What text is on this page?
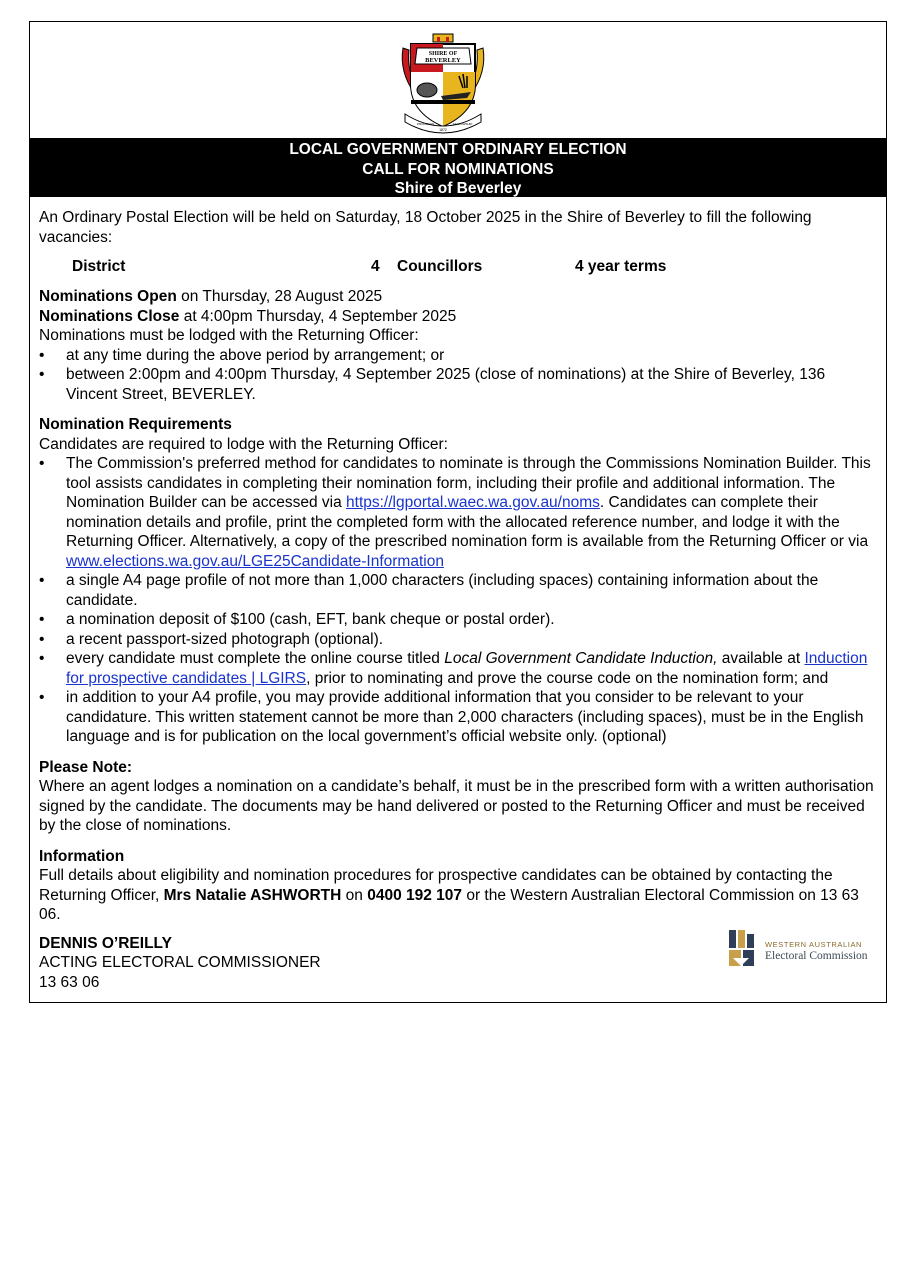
SHIRE OF
BEVERLEY
PROGRESS	FELLOWSHIP
1872
LOCAL GOVERNMENT ORDINARY ELECTION
CALL FOR NOMINATIONS
Shire of Beverley

An Ordinary Postal Election will be held on Saturday, 18 October 2025 in the Shire of Beverley to fill the following vacancies:

District	4 Councillors	4 year terms

Nominations Open on Thursday, 28 August 2025

Nominations Close at 4:00pm Thursday, 4 September 2025

Nominations must be lodged with the Returning Officer:

• at any time during the above period by arrangement; or
• between 2:00pm and 4:00pm Thursday, 4 September 2025 (close of nominations) at the Shire of Beverley, 136 Vincent Street, BEVERLEY.

Nomination Requirements

Candidates are required to lodge with the Returning Officer:

• The Commission's preferred method for candidates to nominate is through the Commissions Nomination Builder. This tool assists candidates in completing their nomination form, including their profile and additional information. The Nomination Builder can be accessed via https://lgportal.waec.wa.gov.au/noms. Candidates can complete their nomination details and profile, print the completed form with the allocated reference number, and lodge it with the Returning Officer. Alternatively, a copy of the prescribed nomination form is available from the Returning Officer or via www.elections.wa.gov.au/LGE25Candidate-Information
• a single A4 page profile of not more than 1,000 characters (including spaces) containing information about the candidate.
• a nomination deposit of $100 (cash, EFT, bank cheque or postal order).
• a recent passport-sized photograph (optional).
• every candidate must complete the online course titled Local Government Candidate Induction, available at Induction for prospective candidates | LGIRS, prior to nominating and prove the course code on the nomination form; and
• in addition to your A4 profile, you may provide additional information that you consider to be relevant to your candidature. This written statement cannot be more than 2,000 characters (including spaces), must be in the English language and is for publication on the local government’s official website only. (optional)

Please Note:

Where an agent lodges a nomination on a candidate’s behalf, it must be in the prescribed form with a written authorisation signed by the candidate. The documents may be hand delivered or posted to the Returning Officer and must be received by the close of nominations.

Information

Full details about eligibility and nomination procedures for prospective candidates can be obtained by contacting the Returning Officer, Mrs Natalie ASHWORTH on 0400 192 107 or the Western Australian Electoral Commission on 13 63 06.

DENNIS O’REILLY

ACTING ELECTORAL COMMISSIONER

13 63 06

WESTERN AUSTRALIAN
Electoral Commission
